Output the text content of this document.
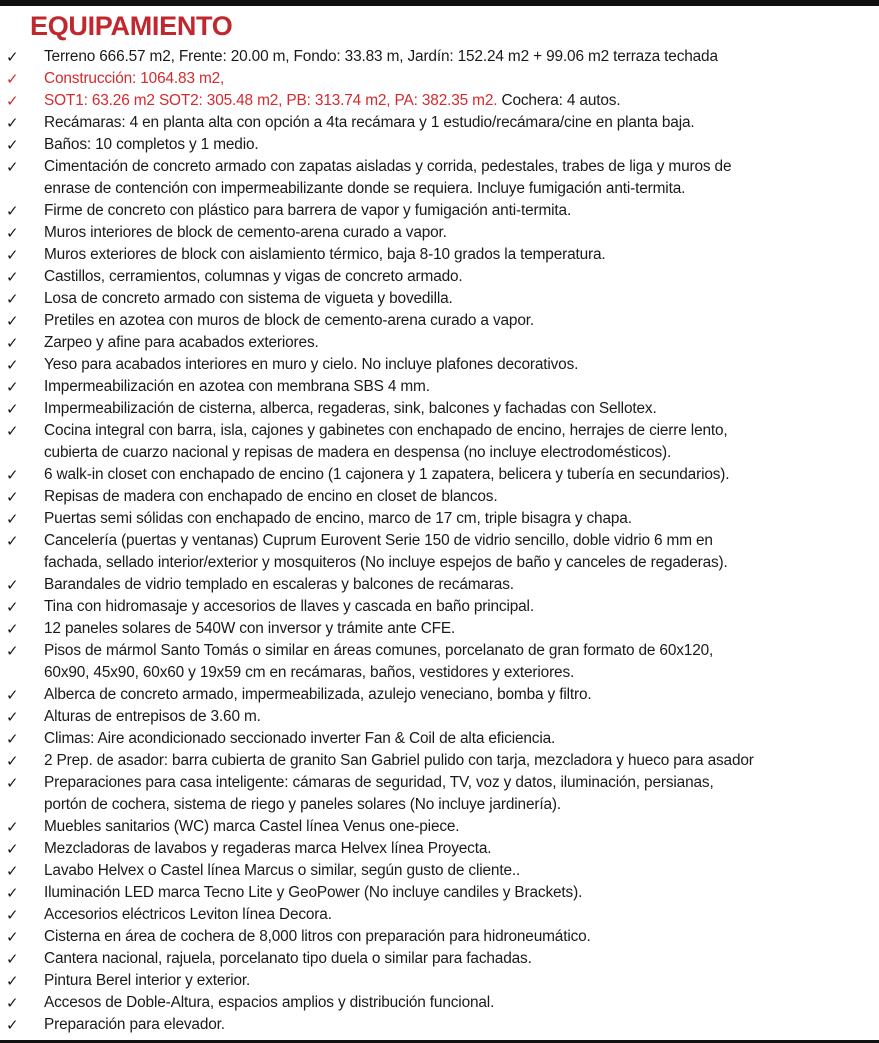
EQUIPAMIENTO
✓	Terreno 666.57 m2, Frente: 20.00 m, Fondo: 33.83 m, Jardín: 152.24 m2 + 99.06 m2 terraza techada
✓	Construcción: 1064.83 m2,
✓	SOT1: 63.26 m2 SOT2: 305.48 m2, PB: 313.74 m2, PA: 382.35 m2. Cochera: 4 autos.
✓	Recámaras: 4 en planta alta con opción a 4ta recámara y 1 estudio/recámara/cine en planta baja.
✓	Baños: 10 completos y 1 medio.
✓	Cimentación de concreto armado con zapatas aisladas y corrida, pedestales, trabes de liga y muros de
enrase de contención con impermeabilizante donde se requiera. Incluye fumigación anti-termita.
✓	Firme de concreto con plástico para barrera de vapor y fumigación anti-termita.
✓	Muros interiores de block de cemento-arena curado a vapor.
✓	Muros exteriores de block con aislamiento térmico, baja 8-10 grados la temperatura.
✓	Castillos, cerramientos, columnas y vigas de concreto armado.
✓	Losa de concreto armado con sistema de vigueta y bovedilla.
✓	Pretiles en azotea con muros de block de cemento-arena curado a vapor.
✓	Zarpeo y afine para acabados exteriores.
✓	Yeso para acabados interiores en muro y cielo. No incluye plafones decorativos.
✓	Impermeabilización en azotea con membrana SBS 4 mm.
✓	Impermeabilización de cisterna, alberca, regaderas, sink, balcones y fachadas con Sellotex.
✓	Cocina integral con barra, isla, cajones y gabinetes con enchapado de encino, herrajes de cierre lento,
cubierta de cuarzo nacional y repisas de madera en despensa (no incluye electrodomésticos).
✓	6 walk-in closet con enchapado de encino (1 cajonera y 1 zapatera, belicera y tubería en secundarios).
✓	Repisas de madera con enchapado de encino en closet de blancos.
✓	Puertas semi sólidas con enchapado de encino, marco de 17 cm, triple bisagra y chapa.
✓	Cancelería (puertas y ventanas) Cuprum Eurovent Serie 150 de vidrio sencillo, doble vidrio 6 mm en
fachada, sellado interior/exterior y mosquiteros (No incluye espejos de baño y canceles de regaderas).
✓	Barandales de vidrio templado en escaleras y balcones de recámaras.
✓	Tina con hidromasaje y accesorios de llaves y cascada en baño principal.
✓	12 paneles solares de 540W con inversor y trámite ante CFE.
✓	Pisos de mármol Santo Tomás o similar en áreas comunes, porcelanato de gran formato de 60x120,
60x90, 45x90, 60x60 y 19x59 cm en recámaras, baños, vestidores y exteriores.
✓	Alberca de concreto armado, impermeabilizada, azulejo veneciano, bomba y filtro.
✓	Alturas de entrepisos de 3.60 m.
✓	Climas: Aire acondicionado seccionado inverter Fan & Coil de alta eficiencia.
✓	2 Prep. de asador: barra cubierta de granito San Gabriel pulido con tarja, mezcladora y hueco para asador
✓	Preparaciones para casa inteligente: cámaras de seguridad, TV, voz y datos, iluminación, persianas,
portón de cochera, sistema de riego y paneles solares (No incluye jardinería).
✓	Muebles sanitarios (WC) marca Castel línea Venus one-piece.
✓	Mezcladoras de lavabos y regaderas marca Helvex línea Proyecta.
✓	Lavabo Helvex o Castel línea Marcus o similar, según gusto de cliente..
✓	Iluminación LED marca Tecno Lite y GeoPower (No incluye candiles y Brackets).
✓	Accesorios eléctricos Leviton línea Decora.
✓	Cisterna en área de cochera de 8,000 litros con preparación para hidroneumático.
✓	Cantera nacional, rajuela, porcelanato tipo duela o similar para fachadas.
✓	Pintura Berel interior y exterior.
✓	Accesos de Doble-Altura, espacios amplios y distribución funcional.
✓	Preparación para elevador.
